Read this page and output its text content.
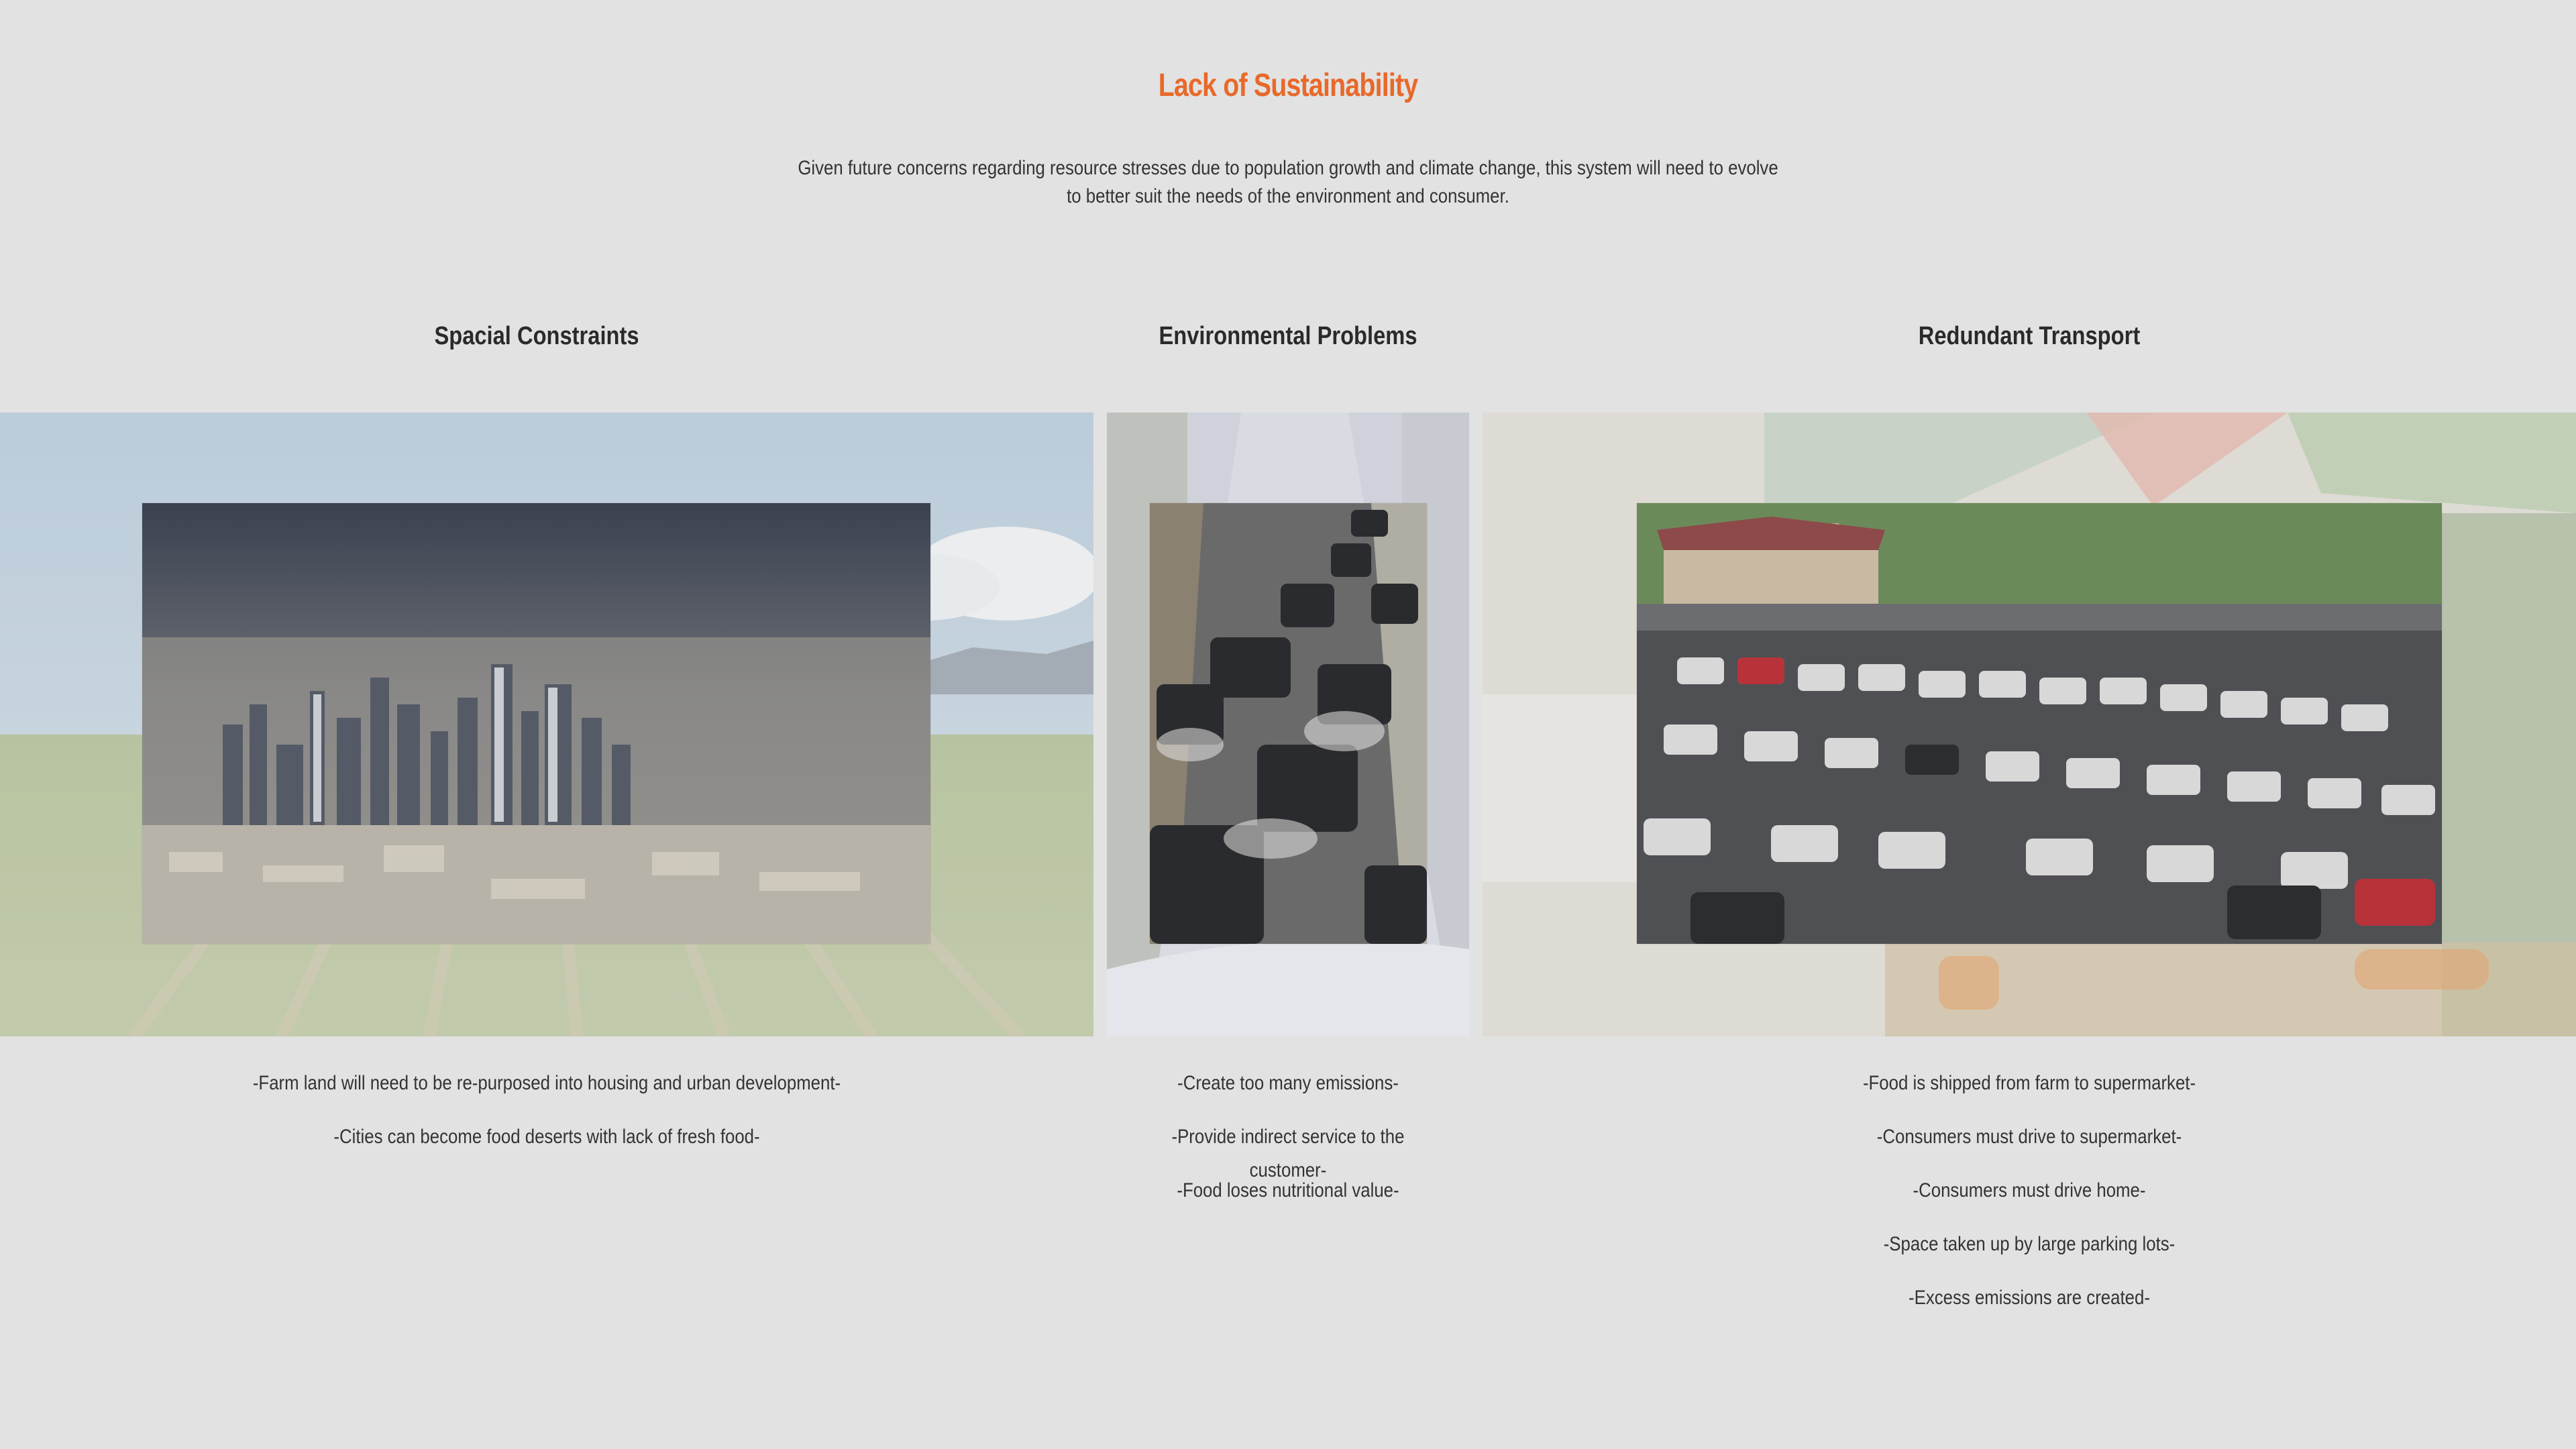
Lack of Sustainability
Given future concerns regarding resource stresses due to population growth and climate change, this system will need to evolve to better suit the needs of the environment and consumer.
Spacial Constraints	Environmental Problems	Redundant Transport
-Farm land will need to be re-purposed into housing and urban development-
-Cities can become food deserts with lack of fresh food-
-Create too many emissions-
-Provide indirect service to the customer-
-Food loses nutritional value-
-Food is shipped from farm to supermarket-
-Consumers must drive to supermarket-
-Consumers must drive home-
-Space taken up by large parking lots-
-Excess emissions are created-
